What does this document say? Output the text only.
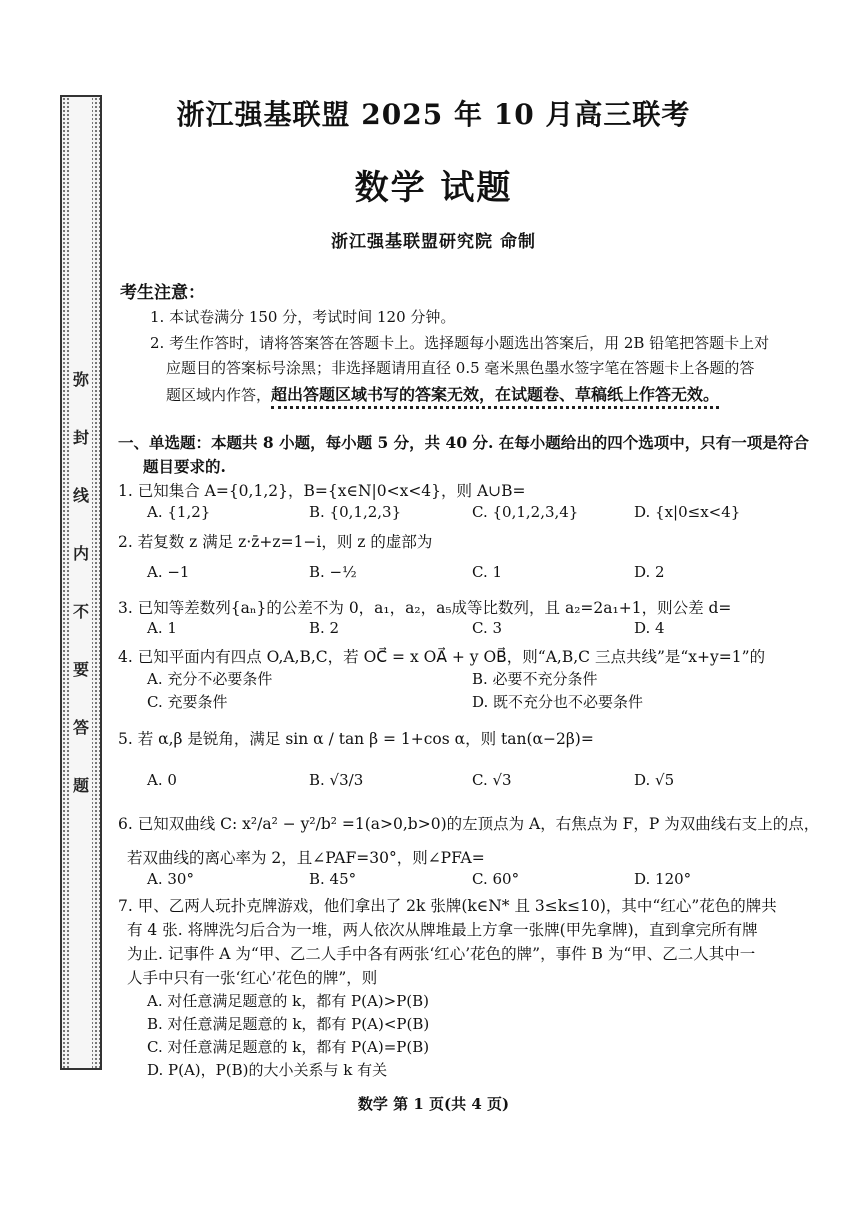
弥
封
线
内
不
要
答
题
浙江强基联盟 2025 年 10 月高三联考
数学 试题
浙江强基联盟研究院 命制
考生注意：
1. 本试卷满分 150 分，考试时间 120 分钟。
2. 考生作答时，请将答案答在答题卡上。选择题每小题选出答案后，用 2B 铅笔把答题卡上对
应题目的答案标号涂黑；非选择题请用直径 0.5 毫米黑色墨水签字笔在答题卡上各题的答
题区域内作答，超出答题区域书写的答案无效，在试题卷、草稿纸上作答无效。
一、单选题：本题共 8 小题，每小题 5 分，共 40 分. 在每小题给出的四个选项中，只有一项是符合
题目要求的.
1. 已知集合 A={0,1,2}，B={x∈N|0<x<4}，则 A∪B=
A. {1,2}	B. {0,1,2,3}	C. {0,1,2,3,4}	D. {x|0≤x<4}
2. 若复数 z 满足 z·z̄+z=1−i，则 z 的虚部为
A. −1	B. −½	C. 1	D. 2
3. 已知等差数列{aₙ}的公差不为 0，a₁，a₂，a₅成等比数列，且 a₂=2a₁+1，则公差 d=
A. 1	B. 2	C. 3	D. 4
4. 已知平面内有四点 O,A,B,C，若 OC⃗ = x OA⃗ + y OB⃗，则“A,B,C 三点共线”是“x+y=1”的
A. 充分不必要条件	B. 必要不充分条件
C. 充要条件	D. 既不充分也不必要条件
5. 若 α,β 是锐角，满足 sin α / tan β = 1+cos α，则 tan(α−2β)=
A. 0	B. √3/3	C. √3	D. √5
6. 已知双曲线 C: x²/a² − y²/b² =1(a>0,b>0)的左顶点为 A，右焦点为 F，P 为双曲线右支上的点，
若双曲线的离心率为 2，且∠PAF=30°，则∠PFA=
A. 30°	B. 45°	C. 60°	D. 120°
7. 甲、乙两人玩扑克牌游戏，他们拿出了 2k 张牌(k∈N* 且 3≤k≤10)，其中“红心”花色的牌共
有 4 张. 将牌洗匀后合为一堆，两人依次从牌堆最上方拿一张牌(甲先拿牌)，直到拿完所有牌
为止. 记事件 A 为“甲、乙二人手中各有两张‘红心’花色的牌”，事件 B 为“甲、乙二人其中一
人手中只有一张‘红心’花色的牌”，则
A. 对任意满足题意的 k，都有 P(A)>P(B)
B. 对任意满足题意的 k，都有 P(A)<P(B)
C. 对任意满足题意的 k，都有 P(A)=P(B)
D. P(A)，P(B)的大小关系与 k 有关
数学 第 1 页(共 4 页)
